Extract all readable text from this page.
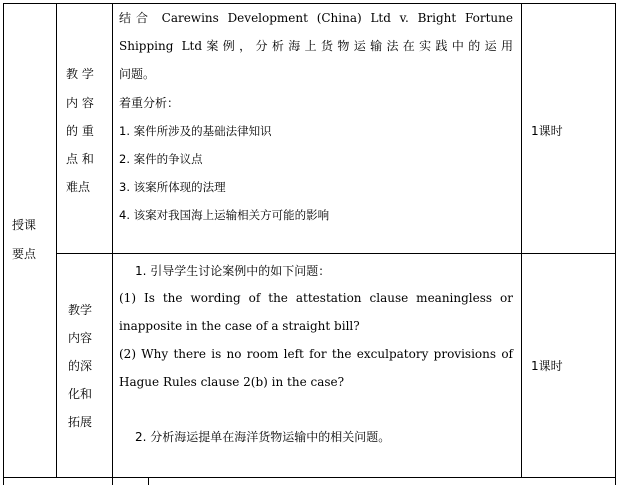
授课
要点
教 学
内 容
的 重
点 和
难点
结合 Carewins Development (China) Ltd v. Bright Fortune
Shipping Ltd案例，分析海上货物运输法在实践中的运用
问题。
着重分析：
1. 案件所涉及的基础法律知识
2. 案件的争议点
3. 该案所体现的法理
4. 该案对我国海上运输相关方可能的影响
1课时
教学
内容
的深
化和
拓展
1. 引导学生讨论案例中的如下问题：
(1) Is the wording of the attestation clause meaningless or
inapposite in the case of a straight bill?
(2) Why there is no room left for the exculpatory provisions of
Hague Rules clause 2(b) in the case?
2. 分析海运提单在海洋货物运输中的相关问题。
1课时
